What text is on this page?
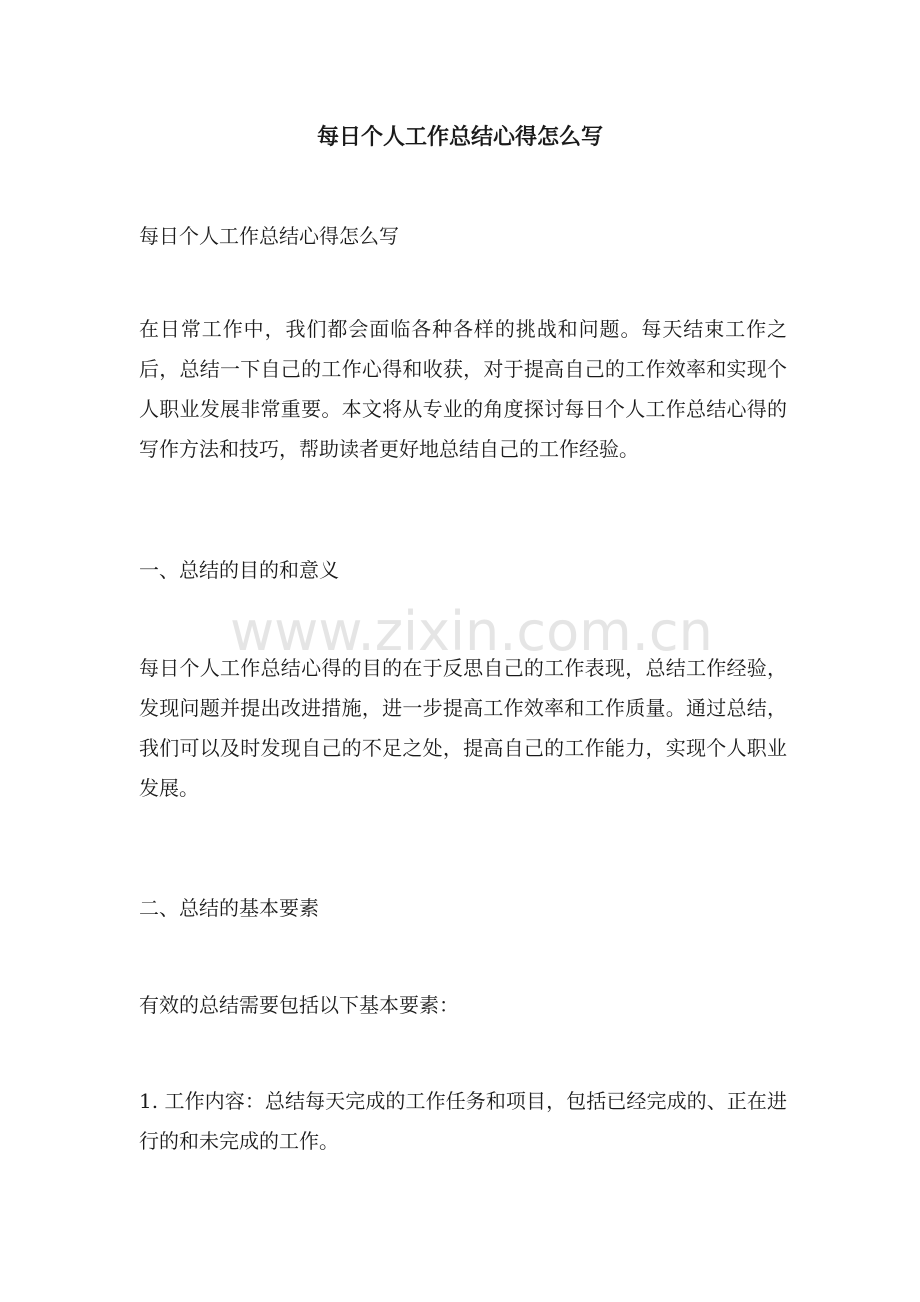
每日个人工作总结心得怎么写

每日个人工作总结心得怎么写

在日常工作中，我们都会面临各种各样的挑战和问题。每天结束工作之后，总结一下自己的工作心得和收获，对于提高自己的工作效率和实现个人职业发展非常重要。本文将从专业的角度探讨每日个人工作总结心得的写作方法和技巧，帮助读者更好地总结自己的工作经验。

一、总结的目的和意义

每日个人工作总结心得的目的在于反思自己的工作表现，总结工作经验，发现问题并提出改进措施，进一步提高工作效率和工作质量。通过总结，我们可以及时发现自己的不足之处，提高自己的工作能力，实现个人职业发展。

二、总结的基本要素

有效的总结需要包括以下基本要素：

1. 工作内容：总结每天完成的工作任务和项目，包括已经完成的、正在进行的和未完成的工作。

www.zixin.com.cn
